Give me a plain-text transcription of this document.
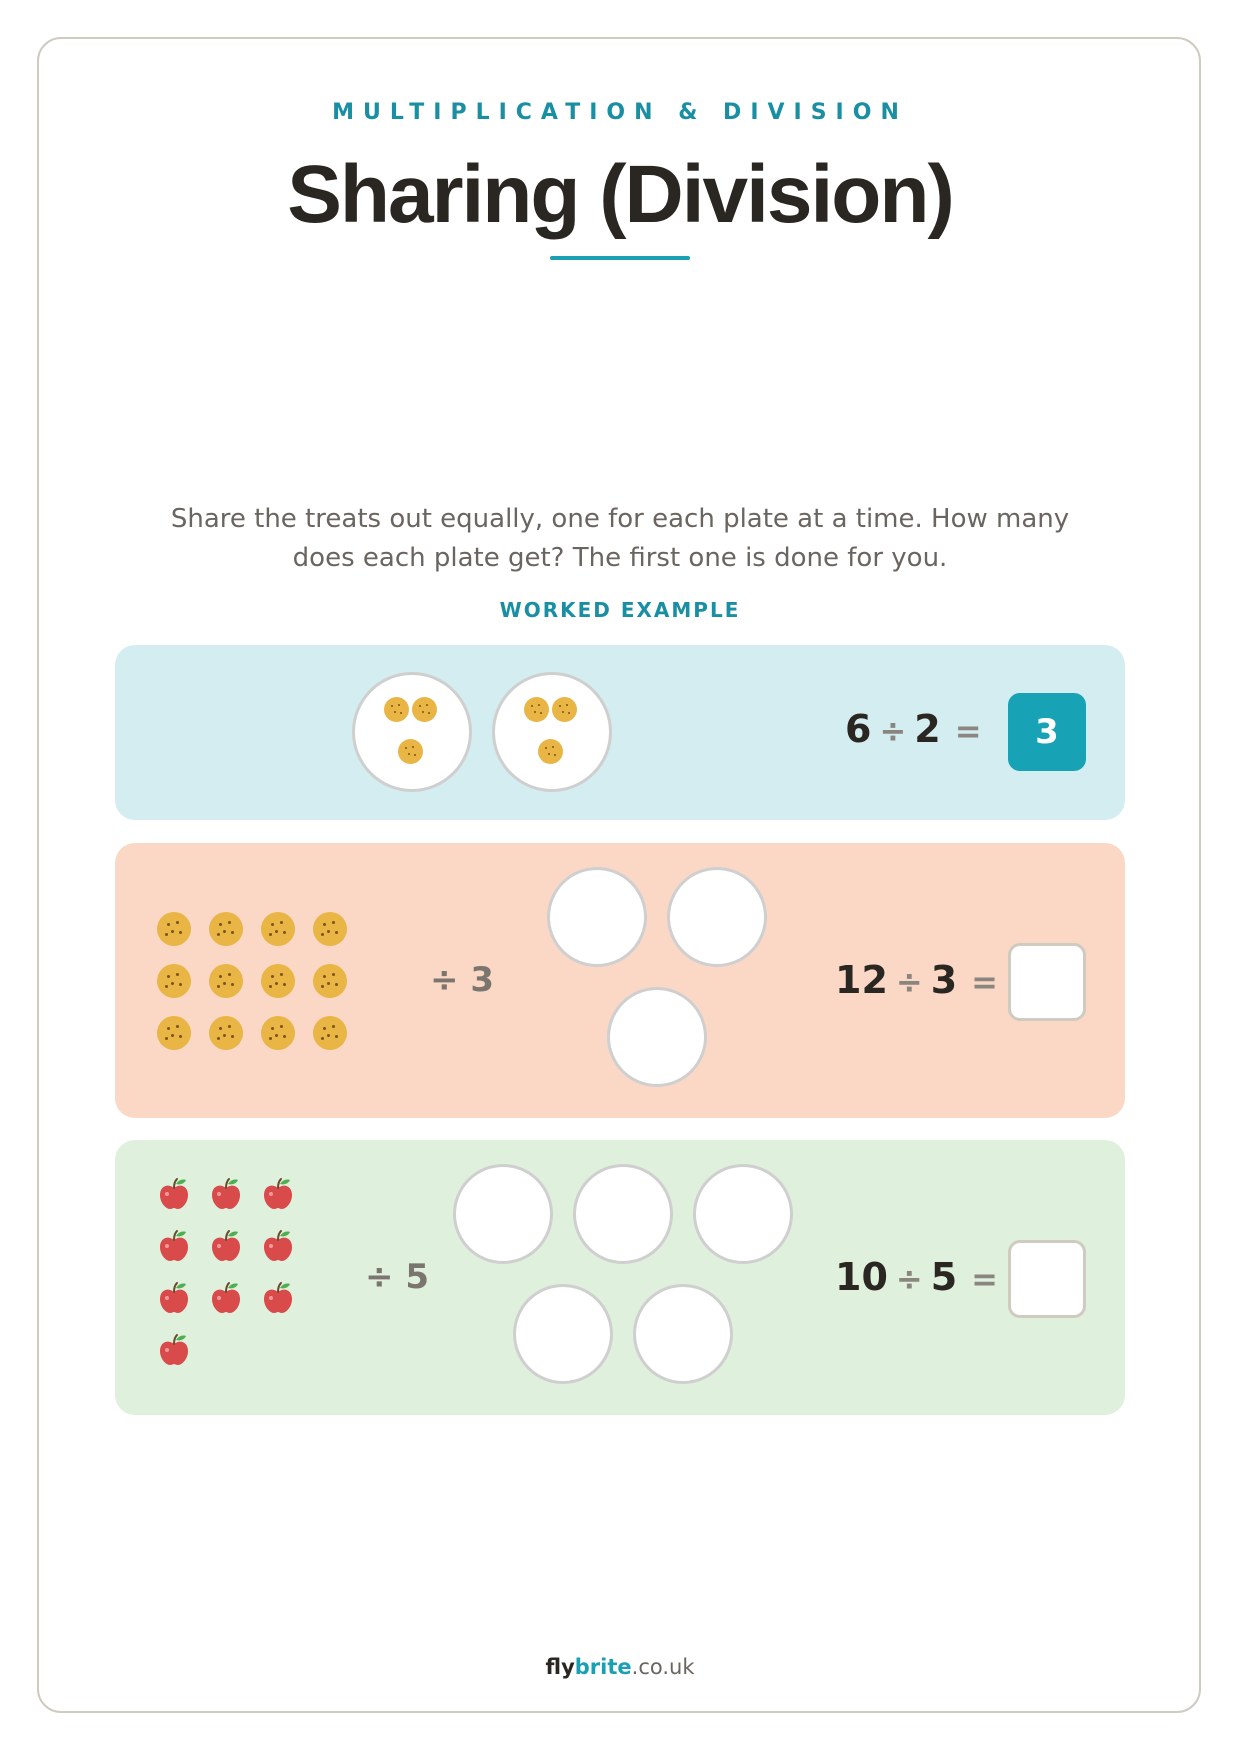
MULTIPLICATION & DIVISION
Sharing (Division)
Share the treats out equally, one for each plate at a time. How many does each plate get? The first one is done for you.
WORKED EXAMPLE
6 ÷ 2 =	3
÷ 3	12 ÷ 3 =
÷ 5	10 ÷ 5 =
flybrite.co.uk
